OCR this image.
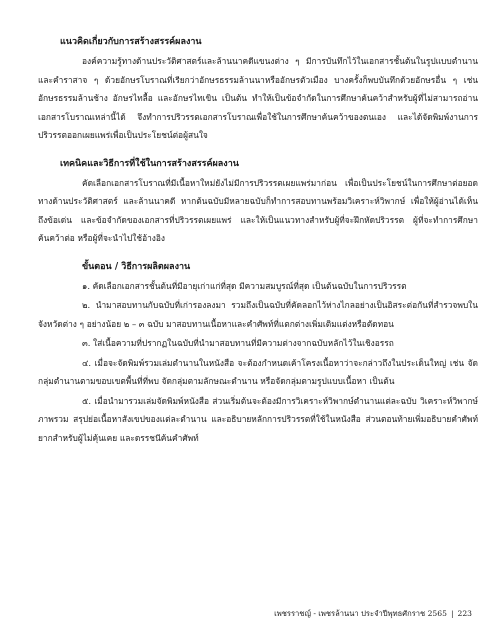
แนวคิดเกี่ยวกับการสร้างสรรค์ผลงาน

องค์ความรู้ทางด้านประวัติศาสตร์และล้านนาคดีแขนงต่าง ๆ มีการบันทึกไว้ในเอกสารชั้นต้นในรูปแบบตำนานและคำราสาจ ๆ ด้วยอักษรโบราณที่เรียกว่าอักษรธรรมล้านนาหรืออักษรตัวเมือง บางครั้งก็พบบันทึกด้วยอักษรอื่น ๆ เช่น อักษรธรรมล้านช้าง อักษรไทลื้อ และอักษรไทเขิน เป็นต้น ทำให้เป็นข้อจำกัดในการศึกษาค้นคว้าสำหรับผู้ที่ไม่สามารถอ่านเอกสารโบราณเหล่านี้ได้ จึงทำการปริวรรตเอกสารโบราณเพื่อใช้ในการศึกษาค้นคว้าของตนเอง และได้จัดพิมพ์งานการปริวรรตออกเผยแพร่เพื่อเป็นประโยชน์ต่อผู้สนใจ

เทคนิคและวิธีการที่ใช้ในการสร้างสรรค์ผลงาน

คัดเลือกเอกสารโบราณที่มีเนื้อหาใหม่ยังไม่มีการปริวรรตเผยแพร่มาก่อน เพื่อเป็นประโยชน์ในการศึกษาต่อยอดทางด้านประวัติศาสตร์ และล้านนาคดี หากต้นฉบับมีหลายฉบับก็ทำการสอบทานพร้อมวิเคราะห์วิพากษ์ เพื่อให้ผู้อ่านได้เห็นถึงข้อเด่น และข้อจำกัดของเอกสารที่ปริวรรตเผยแพร่ และให้เป็นแนวทางสำหรับผู้ที่จะฝึกหัดปริวรรต ผู้ที่จะทำการศึกษาค้นคว้าต่อ หรือผู้ที่จะนำไปใช้อ้างอิง

ขั้นตอน / วิธีการผลิตผลงาน

๑. คัดเลือกเอกสารชั้นต้นที่มีอายุเก่าแก่ที่สุด มีความสมบูรณ์ที่สุด เป็นต้นฉบับในการปริวรรต

๒. นำมาสอบทานกับฉบับที่เก่ารองลงมา รวมถึงเป็นฉบับที่คัดลอกไว้ห่างไกลอย่างเป็นอิสระต่อกันที่สำรวจพบในจังหวัดต่าง ๆ อย่างน้อย ๒ – ๓ ฉบับ มาสอบทานเนื้อหาและคำศัพท์ที่แตกต่างเพิ่มเติมแต่งหรือตัดทอน

๓. ใส่เนื้อความที่ปรากฏในฉบับที่นำมาสอบทานที่มีความต่างจากฉบับหลักไว้ในเชิงอรรถ

๔. เมื่อจะจัดพิมพ์รวมเล่มตำนานในหนังสือ จะต้องกำหนดเค้าโครงเนื้อหาว่าจะกล่าวถึงในประเด็นใหญ่ เช่น จัดกลุ่มตำนานตามขอบเขตพื้นที่ที่พบ จัดกลุ่มตามลักษณะตำนาน หรือจัดกลุ่มตามรูปแบบเนื้อหา เป็นต้น

๕. เมื่อนำมารวมเล่มจัดพิมพ์หนังสือ ส่วนเริ่มต้นจะต้องมีการวิเคราะห์วิพากษ์ตำนานแต่ละฉบับ วิเคราะห์วิพากษ์ภาพรวม สรุปย่อเนื้อหาสังเขปของแต่ละตำนาน และอธิบายหลักการปริวรรตที่ใช้ในหนังสือ ส่วนตอนท้ายเพิ่มอธิบายคำศัพท์ยากสำหรับผู้ไม่คุ้นเคย และดรรชนีค้นคำศัพท์

เพชรราชญ์ - เพชรล้านนา ประจำปีพุทธศักราช 2565 | 223
